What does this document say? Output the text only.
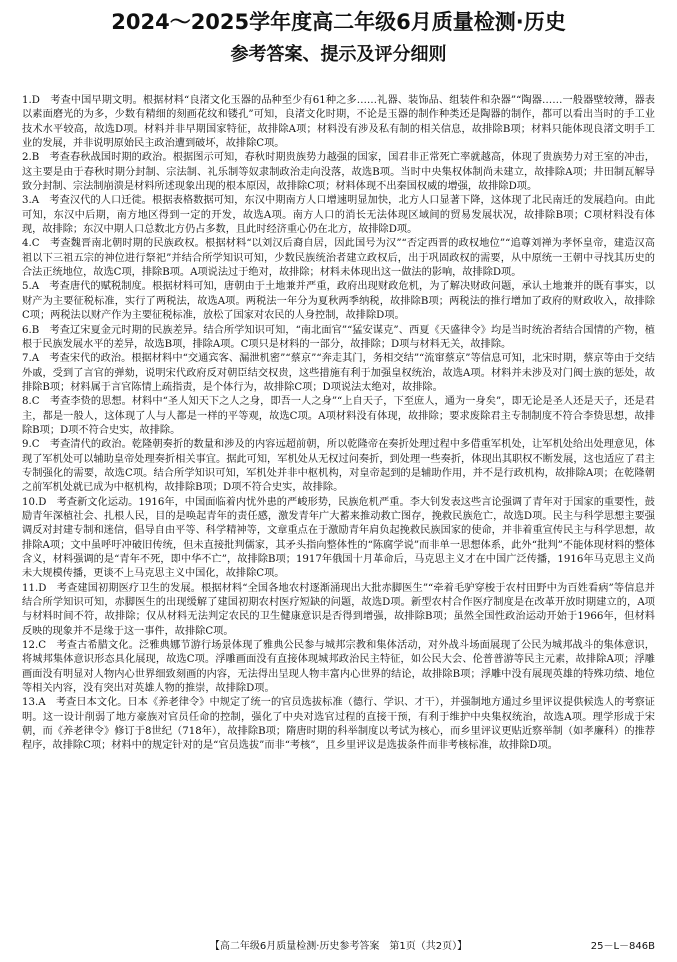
2024～2025学年度高二年级6月质量检测·历史
参考答案、提示及评分细则

1.D　考查中国早期文明。根据材料“良渚文化玉器的品种至少有61种之多……礼器、装饰品、组装件和杂器”“陶器……一般器壁较薄，器表以素面磨光的为多，少数有精细的刻画花纹和镂孔”可知，良渚文化时期，不论是玉器的制作种类还是陶器的制作，都可以看出当时的手工业技术水平较高，故选D项。材料并非早期国家特征，故排除A项；材料没有涉及私有制的相关信息，故排除B项；材料只能体现良渚文明手工业的发展，并非说明原始民主政治遭到破坏，故排除C项。

2.B　考查春秋战国时期的政治。根据图示可知，春秋时期贵族势力越强的国家，国君非正常死亡率就越高，体现了贵族势力对王室的冲击，这主要是由于春秋时期分封制、宗法制、礼乐制等奴隶制政治走向没落，故选B项。当时中央集权体制尚未建立，故排除A项；井田制瓦解导致分封制、宗法制崩溃是材料所述现象出现的根本原因，故排除C项；材料体现不出秦国权威的增强，故排除D项。

3.A　考查汉代的人口迁徙。根据表格数据可知，东汉中期南方人口增速明显加快，北方人口显著下降，这体现了北民南迁的发展趋向。由此可知，东汉中后期，南方地区得到一定的开发，故选A项。南方人口的消长无法体现区域间的贸易发展状况，故排除B项；C项材料没有体现，故排除；东汉中期人口总数北方仍占多数，且此时经济重心仍在北方，故排除D项。

4.C　考查魏晋南北朝时期的民族政权。根据材料“以刘汉后裔自居，因此国号为汉”“否定西晋的政权地位”“追尊刘禅为孝怀皇帝，建造汉高祖以下三祖五宗的神位进行祭祀”并结合所学知识可知，少数民族统治者建立政权后，出于巩固政权的需要，从中原统一王朝中寻找其历史的合法正统地位，故选C项，排除B项。A项说法过于绝对，故排除；材料未体现出这一做法的影响，故排除D项。

5.A　考查唐代的赋税制度。根据材料可知，唐朝由于土地兼并严重，政府出现财政危机，为了解决财政问题，承认土地兼并的既有事实，以财产为主要征税标准，实行了两税法，故选A项。两税法一年分为夏秋两季纳税，故排除B项；两税法的推行增加了政府的财政收入，故排除C项；两税法以财产作为主要征税标准，放松了国家对农民的人身控制，故排除D项。

6.B　考查辽宋夏金元时期的民族差异。结合所学知识可知，“南北面官”“猛安谋克”、西夏《天盛律令》均是当时统治者结合国情的产物，植根于民族发展水平的差异，故选B项，排除A项。C项只是材料的一部分，故排除；D项与材料无关，故排除。

7.A　考查宋代的政治。根据材料中“交通宾客、漏泄机密”“蔡京”“奔走其门，务相交结”“流窜蔡京”等信息可知，北宋时期，蔡京等由于交结外戚，受到了言官的弹劾，说明宋代政府反对朝臣结交权贵，这些措施有利于加强皇权统治，故选A项。材料并未涉及对门阀士族的惩处，故排除B项；材料属于言官陈情上疏指责，是个体行为，故排除C项；D项说法太绝对，故排除。

8.C　考查李贽的思想。材料中“圣人知天下之人之身，即吾一人之身”“上自天子，下至庶人，通为一身矣”，即无论是圣人还是天子，还是君主，都是一般人，这体现了人与人都是一样的平等观，故选C项。A项材料没有体现，故排除；要求废除君主专制制度不符合李贽思想，故排除B项；D项不符合史实，故排除。

9.C　考查清代的政治。乾隆朝奏折的数量和涉及的内容远超前朝，所以乾隆帝在奏折处理过程中多借重军机处，让军机处给出处理意见，体现了军机处可以辅助皇帝处理奏折相关事宜。据此可知，军机处从无权过问奏折，到处理一些奏折，体现出其职权不断发展，这也适应了君主专制强化的需要，故选C项。结合所学知识可知，军机处并非中枢机构，对皇帝起到的是辅助作用，并不是行政机构，故排除A项；在乾隆朝之前军机处就已成为中枢机构，故排除B项；D项不符合史实，故排除。

10.D　考查新文化运动。1916年，中国面临着内忧外患的严峻形势，民族危机严重。李大钊发表这些言论强调了青年对于国家的重要性，鼓励青年深植社会、扎根人民，目的是唤起青年的责任感，激发青年广大蓄来推动救亡图存，挽救民族危亡，故选D项。民主与科学思想主要强调反对封建专制和迷信，倡导自由平等、科学精神等，文章重点在于激励青年肩负起挽救民族国家的使命，并非着重宣传民主与科学思想，故排除A项；文中虽呼吁冲破旧传统，但未直接批判儒家，其矛头指向整体性的“陈腐学说”而非单一思想体系，此外“批判”不能体现材料的整体含义，材料强调的是“青年不死，即中华不亡”，故排除B项；1917年俄国十月革命后，马克思主义才在中国广泛传播，1916年马克思主义尚未大规模传播，更谈不上马克思主义中国化，故排除C项。

11.D　考查建国初期医疗卫生的发展。根据材料“全国各地农村逐渐涌现出大批赤脚医生”“牵着毛驴穿梭于农村田野中为百姓看病”等信息并结合所学知识可知，赤脚医生的出现缓解了建国初期农村医疗短缺的问题，故选D项。新型农村合作医疗制度是在改革开放时期建立的，A项与材料时间不符，故排除；仅从材料无法判定农民的卫生健康意识是否得到增强，故排除B项；虽然全国性政治运动开始于1966年，但材料反映的现象并不是缘于这一事件，故排除C项。

12.C　考查古希腊文化。泛雅典娜节游行场景体现了雅典公民参与城邦宗教和集体活动，对外战斗场面展现了公民为城邦战斗的集体意识，将城邦集体意识形态具化展现，故选C项。浮雕画面没有直接体现城邦政治民主特征，如公民大会、伦普普游等民主元素，故排除A项；浮雕画面没有明显对人物内心世界细致刻画的内容，无法得出呈现人物丰富内心世界的结论，故排除B项；浮雕中没有展现英雄的特殊功绩、地位等相关内容，没有突出对英雄人物的推崇，故排除D项。

13.A　考查日本文化。日本《养老律令》中规定了统一的官员选拔标准（德行、学识、才干），并强制地方通过乡里评议提供候选人的考察证明。这一设计削弱了地方豪族对官员任命的控制，强化了中央对选官过程的直接干预，有利于维护中央集权统治，故选A项。理学形成于宋朝，而《养老律令》修订于8世纪（718年），故排除B项；隋唐时期的科举制度以考试为核心，而乡里评议更贴近察举制（如孝廉科）的推荐程序，故排除C项；材料中的规定针对的是“官员选拔”而非“考核”，且乡里评议是选拔条件而非考核标准，故排除D项。

【高二年级6月质量检测·历史参考答案　第1页（共2页）】	25－L－846B
